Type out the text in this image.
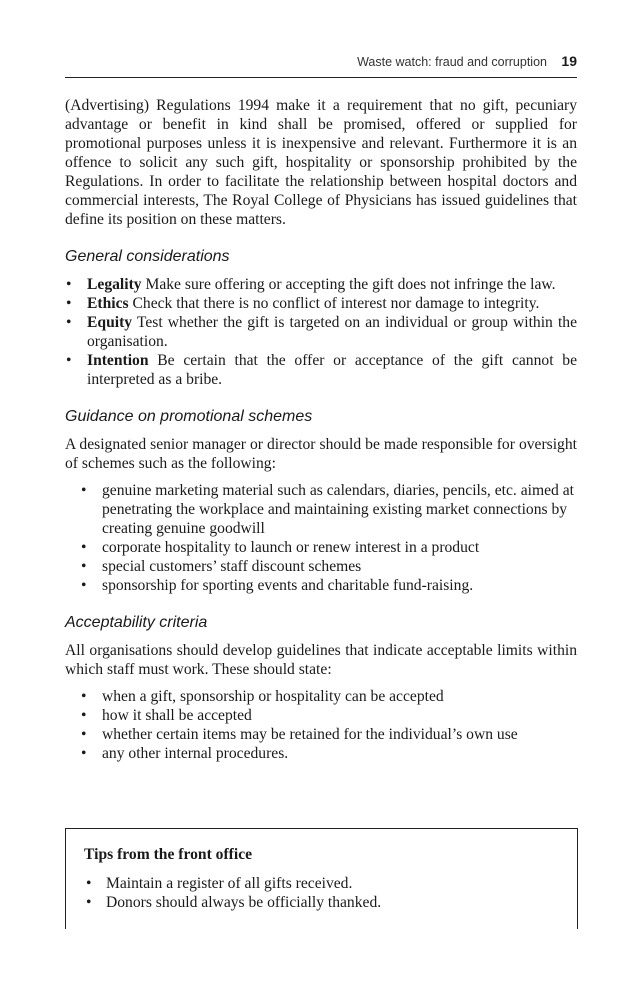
Waste watch: fraud and corruption 19

(Advertising) Regulations 1994 make it a requirement that no gift, pecuniary advantage or benefit in kind shall be promised, offered or supplied for promotional purposes unless it is inexpensive and relevant. Furthermore it is an offence to solicit any such gift, hospitality or sponsorship prohibited by the Regulations. In order to facilitate the relationship between hospital doctors and commercial interests, The Royal College of Physicians has issued guidelines that define its position on these matters.

General considerations
• Legality Make sure offering or accepting the gift does not infringe the law.
• Ethics Check that there is no conflict of interest nor damage to integrity.
• Equity Test whether the gift is targeted on an individual or group within the organisation.
• Intention Be certain that the offer or acceptance of the gift cannot be interpreted as a bribe.
Guidance on promotional schemes

A designated senior manager or director should be made responsible for oversight of schemes such as the following:

• genuine marketing material such as calendars, diaries, pencils, etc. aimed at penetrating the workplace and maintaining existing market connections by creating genuine goodwill
• corporate hospitality to launch or renew interest in a product
• special customers’ staff discount schemes
• sponsorship for sporting events and charitable fund-raising.
Acceptability criteria

All organisations should develop guidelines that indicate acceptable limits within which staff must work. These should state:

• when a gift, sponsorship or hospitality can be accepted
• how it shall be accepted
• whether certain items may be retained for the individual’s own use
• any other internal procedures.
Tips from the front office
• Maintain a register of all gifts received.
• Donors should always be officially thanked.
